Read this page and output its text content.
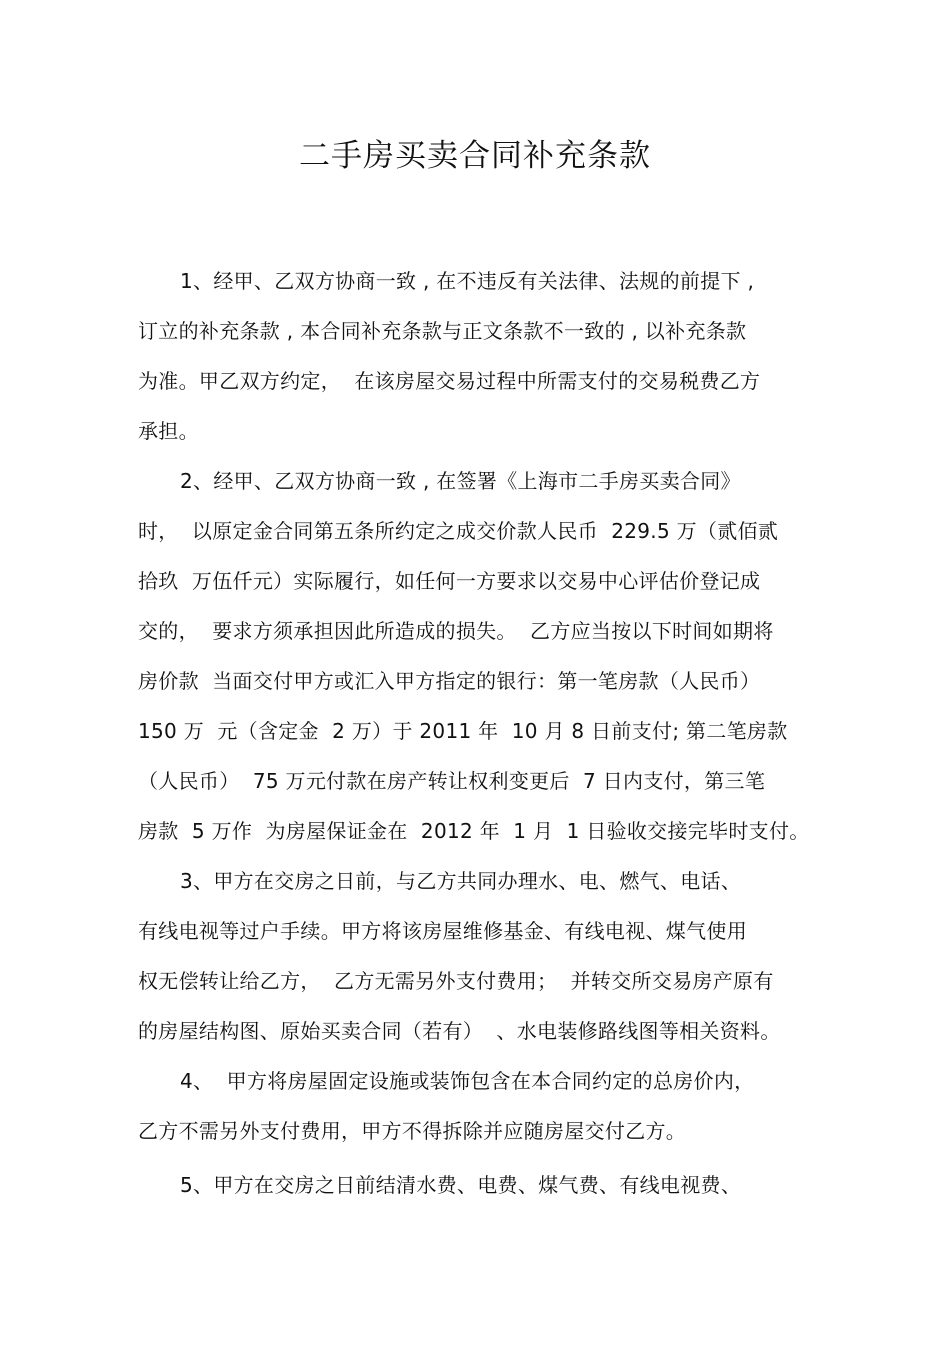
二手房买卖合同补充条款
1、经甲、乙双方协商一致 , 在不违反有关法律、法规的前提下 ,
订立的补充条款 , 本合同补充条款与正文条款不一致的 , 以补充条款
为准。甲乙双方约定，  在该房屋交易过程中所需支付的交易税费乙方
承担。
2、经甲、乙双方协商一致 , 在签署《上海市二手房买卖合同》
时，  以原定金合同第五条所约定之成交价款人民币  229.5 万（贰佰贰
拾玖  万伍仟元）实际履行，如任何一方要求以交易中心评估价登记成
交的，  要求方须承担因此所造成的损失。  乙方应当按以下时间如期将
房价款  当面交付甲方或汇入甲方指定的银行：第一笔房款（人民币）
150 万  元（含定金  2 万）于 2011 年  10 月 8 日前支付; 第二笔房款
（人民币）  75 万元付款在房产转让权利变更后  7 日内支付，第三笔
房款  5 万作  为房屋保证金在  2012 年  1 月  1 日验收交接完毕时支付。
3、甲方在交房之日前，与乙方共同办理水、电、燃气、电话、
有线电视等过户手续。甲方将该房屋维修基金、有线电视、煤气使用
权无偿转让给乙方，  乙方无需另外支付费用；  并转交所交易房产原有
的房屋结构图、原始买卖合同（若有）  、水电装修路线图等相关资料。
4、  甲方将房屋固定设施或装饰包含在本合同约定的总房价内，
乙方不需另外支付费用，甲方不得拆除并应随房屋交付乙方。
5、甲方在交房之日前结清水费、电费、煤气费、有线电视费、
